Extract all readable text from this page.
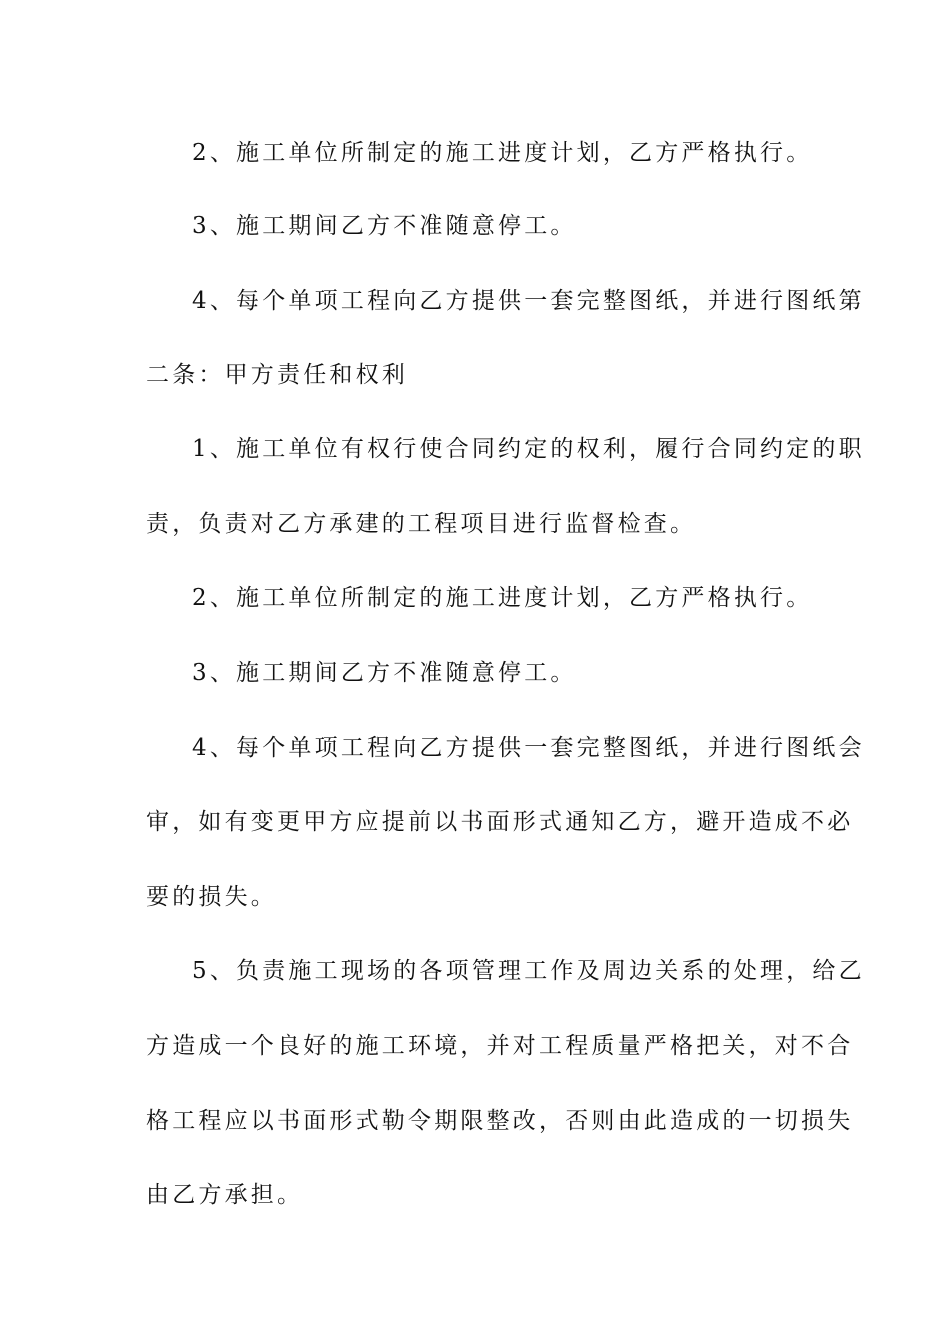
2、施工单位所制定的施工进度计划，乙方严格执行。
3、施工期间乙方不准随意停工。
4、每个单项工程向乙方提供一套完整图纸，并进行图纸第
二条：甲方责任和权利
1、施工单位有权行使合同约定的权利，履行合同约定的职
责，负责对乙方承建的工程项目进行监督检查。
2、施工单位所制定的施工进度计划，乙方严格执行。
3、施工期间乙方不准随意停工。
4、每个单项工程向乙方提供一套完整图纸，并进行图纸会
审，如有变更甲方应提前以书面形式通知乙方，避开造成不必
要的损失。
5、负责施工现场的各项管理工作及周边关系的处理，给乙
方造成一个良好的施工环境，并对工程质量严格把关，对不合
格工程应以书面形式勒令期限整改，否则由此造成的一切损失
由乙方承担。
